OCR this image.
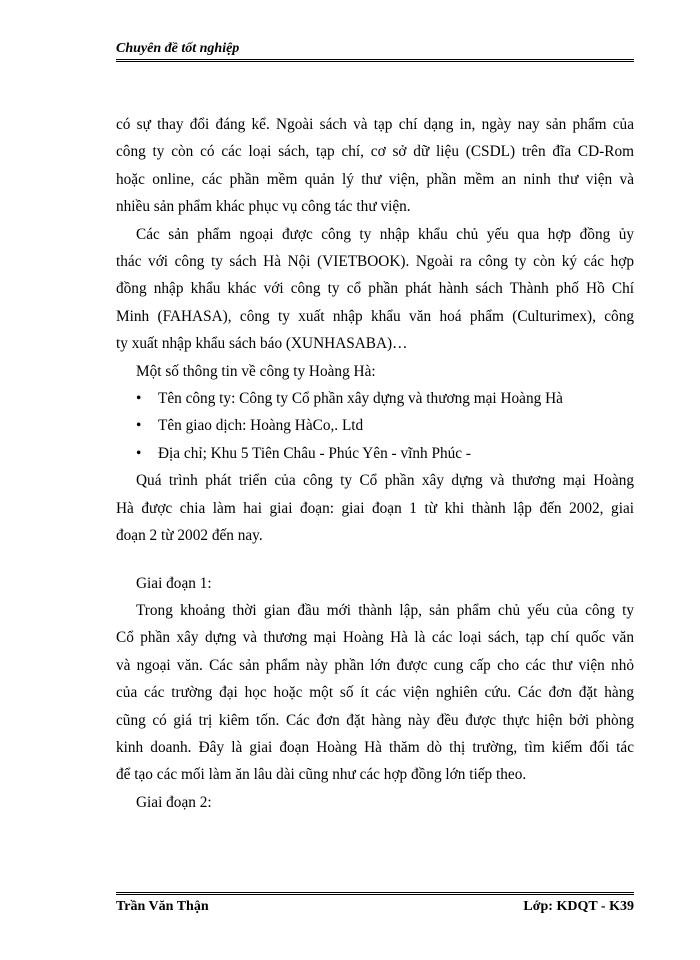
Chuyên đề tốt nghiệp

có sự thay đổi đáng kể. Ngoài sách và tạp chí dạng in, ngày nay sản phẩm của
công ty còn có các loại sách, tạp chí, cơ sở dữ liệu (CSDL) trên đĩa CD-Rom
hoặc online, các phần mềm quản lý thư viện, phần mềm an ninh thư viện và
nhiều sản phẩm khác phục vụ công tác thư viện.

Các sản phẩm ngoại được công ty nhập khẩu chủ yếu qua hợp đồng ủy
thác với công ty sách Hà Nội (VIETBOOK). Ngoài ra công ty còn ký các hợp
đồng nhập khẩu khác với công ty cổ phần phát hành sách Thành phố Hồ Chí
Minh (FAHASA), công ty xuất nhập khẩu văn hoá phẩm (Culturimex), công
ty xuất nhập khẩu sách báo (XUNHASABA)…

Một số thông tin về công ty Hoàng Hà:

• Tên công ty: Công ty Cổ phần xây dựng và thương mại Hoàng Hà
• Tên giao dịch: Hoàng HàCo,. Ltd
• Địa chỉ; Khu 5 Tiên Châu - Phúc Yên - vĩnh Phúc -

Quá trình phát triển của công ty Cổ phần xây dựng và thương mại Hoàng
Hà được chia làm hai giai đoạn: giai đoạn 1 từ khi thành lập đến 2002, giai
đoạn 2 từ 2002 đến nay.

Giai đoạn 1:

Trong khoảng thời gian đầu mới thành lập, sản phẩm chủ yếu của công ty
Cổ phần xây dựng và thương mại Hoàng Hà là các loại sách, tạp chí quốc văn
và ngoại văn. Các sản phẩm này phần lớn được cung cấp cho các thư viện nhỏ
của các trường đại học hoặc một số ít các viện nghiên cứu. Các đơn đặt hàng
cũng có giá trị kiêm tốn. Các đơn đặt hàng này đều được thực hiện bởi phòng
kinh doanh. Đây là giai đoạn Hoàng Hà thăm dò thị trường, tìm kiếm đối tác
để tạo các mối làm ăn lâu dài cũng như các hợp đồng lớn tiếp theo.

Giai đoạn 2:

Trần Văn Thận	Lớp: KDQT - K39
